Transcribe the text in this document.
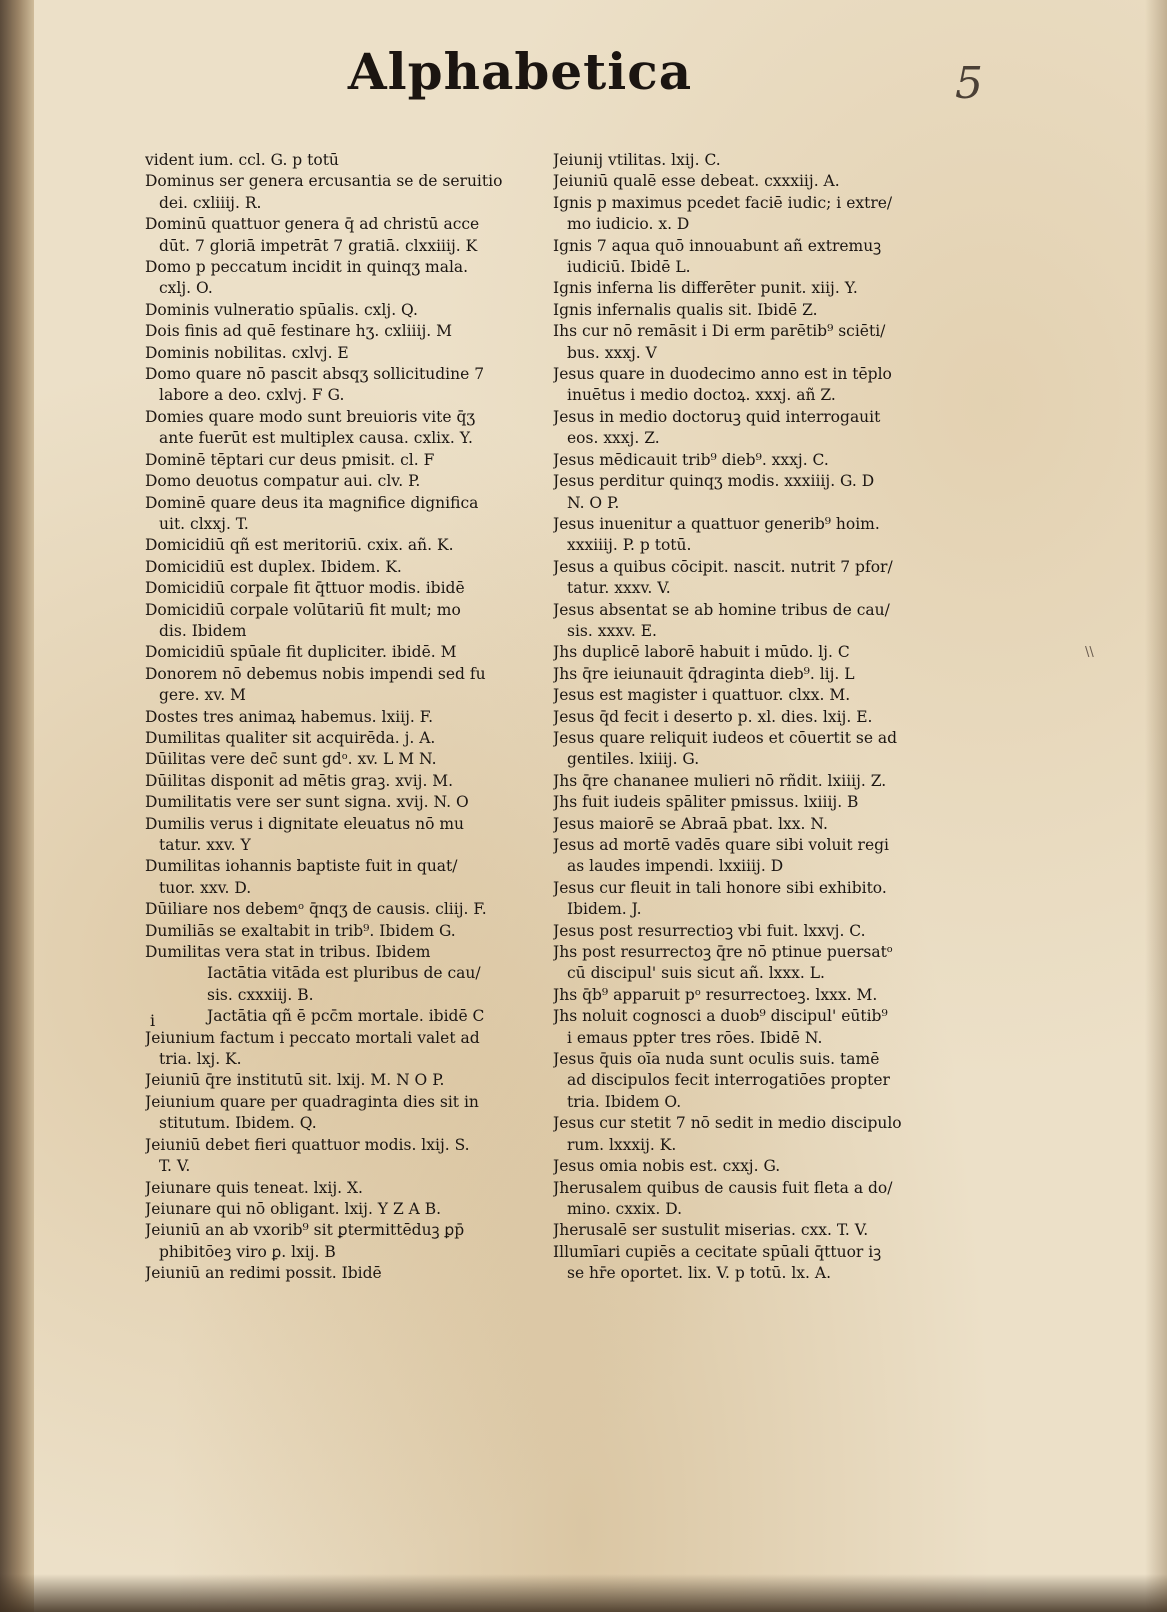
Alphabetica	5
vident ium. ccl. G. p totū
Dominus ser genera ercusantia se de seruitio
dei. cxliiij. R.
Dominū quattuor genera q̄ ad christū acce
dūt. 7 gloriā impetrāt 7 gratiā. clxxiiij. K
Domo p peccatum incidit in quinqʒ mala.
cxlj. O.
Dominis vulneratio spūalis. cxlj. Q.
Dois finis ad quē festinare hʒ. cxliiij. M
Dominis nobilitas. cxlvj. E
Domo quare nō pascit absqʒ sollicitudine 7
labore a deo. cxlvj. F G.
Domies quare modo sunt breuioris vite q̄ʒ
ante fuerūt est multiplex causa. cxlix. Y.
Dominē tēptari cur deus pmisit. cl. F
Domo deuotus compatur aui. clv. P.
Dominē quare deus ita magnifice dignifica
uit. clxxj. T.
Domicidiū qñ est meritoriū. cxix. añ. K.
Domicidiū est duplex. Ibidem. K.
Domicidiū corpale fit q̄ttuor modis. ibidē
Domicidiū corpale volūtariū fit mult; mo
dis. Ibidem
Domicidiū spūale fit dupliciter. ibidē. M
Donorem nō debemus nobis impendi sed fu
gere. xv. M
Dostes tres animaꝝ habemus. lxiij. F.
Dumilitas qualiter sit acquirēda. j. A.
Dūilitas vere dec̄ sunt gdᵒ. xv. L M N.
Dūilitas disponit ad mētis graꝫ. xvij. M.
Dumilitatis vere ser sunt signa. xvij. N. O
Dumilis verus i dignitate eleuatus nō mu
tatur. xxv. Y
Dumilitas iohannis baptiste fuit in quat/
tuor. xxv. D.
Dūiliare nos debemᵒ q̄nqʒ de causis. cliij. F.
Dumiliās se exaltabit in trib⁹. Ibidem G.
Dumilitas vera stat in tribus. Ibidem
Iactātia vitāda est pluribus de cau/
sis. cxxxiij. B.
Jactātia qñ ē pcc̄m mortale. ibidē C
Jeiunium factum i peccato mortali valet ad
tria. lxj. K.
Jeiuniū q̄re institutū sit. lxij. M. N O P.
Jeiunium quare per quadraginta dies sit in
stitutum. Ibidem. Q.
Jeiuniū debet fieri quattuor modis. lxij. S.
T. V.
Jeiunare quis teneat. lxij. X.
Jeiunare qui nō obligant. lxij. Y Z A B.
Jeiuniū an ab vxorib⁹ sit ꝑtermittēduꝫ ꝑp̄
phibitōeꝫ viro ꝑ. lxij. B
Jeiuniū an redimi possit. Ibidē
Jeiunij vtilitas. lxij. C.
Jeiuniū qualē esse debeat. cxxxiij. A.
Ignis p maximus pcedet faciē iudic; i extre/
mo iudicio. x. D
Ignis 7 aqua quō innouabunt añ extremuꝫ
iudiciū. Ibidē L.
Ignis inferna lis differēter punit. xiij. Y.
Ignis infernalis qualis sit. Ibidē Z.
Ihs cur nō remāsit i Di erm parētib⁹ sciēti/
bus. xxxj. V
Jesus quare in duodecimo anno est in tēplo
inuētus i medio doctoꝝ. xxxj. añ Z.
Jesus in medio doctoruꝫ quid interrogauit
eos. xxxj. Z.
Jesus mēdicauit trib⁹ dieb⁹. xxxj. C.
Jesus perditur quinqʒ modis. xxxiiij. G. D
N. O P.
Jesus inuenitur a quattuor generib⁹ hoim.
xxxiiij. P. p totū.
Jesus a quibus cōcipit. nascit. nutrit 7 pfor/
tatur. xxxv. V.
Jesus absentat se ab homine tribus de cau/
sis. xxxv. E.
Jhs duplicē laborē habuit i mūdo. lj. C
Jhs q̄re ieiunauit q̄draginta dieb⁹. lij. L
Jesus est magister i quattuor. clxx. M.
Jesus q̄d fecit i deserto p. xl. dies. lxij. E.
Jesus quare reliquit iudeos et cōuertit se ad
gentiles. lxiiij. G.
Jhs q̄re chananee mulieri nō rñdit. lxiiij. Z.
Jhs fuit iudeis spāliter pmissus. lxiiij. B
Jesus maiorē se Abraā pbat. lxx. N.
Jesus ad mortē vadēs quare sibi voluit regi
as laudes impendi. lxxiiij. D
Jesus cur fleuit in tali honore sibi exhibito.
Ibidem. J.
Jesus post resurrectioꝫ vbi fuit. lxxvj. C.
Jhs post resurrectoꝫ q̄re nō ptinue puersatᵒ
cū discipul' suis sicut añ. lxxx. L.
Jhs q̄b⁹ apparuit pᵒ resurrectoeꝫ. lxxx. M.
Jhs noluit cognosci a duob⁹ discipul' eūtib⁹
i emaus ppter tres rōes. Ibidē N.
Jesus q̄uis oīa nuda sunt oculis suis. tamē
ad discipulos fecit interrogatiōes propter
tria. Ibidem O.
Jesus cur stetit 7 nō sedit in medio discipulo
rum. lxxxij. K.
Jesus omia nobis est. cxxj. G.
Jherusalem quibus de causis fuit fleta a do/
mino. cxxix. D.
Jherusalē ser sustulit miserias. cxx. T. V.
Illumīari cupiēs a cecitate spūali q̄ttuor iꝫ
se hr̄e oportet. lix. V. p totū. lx. A.
i
\\
